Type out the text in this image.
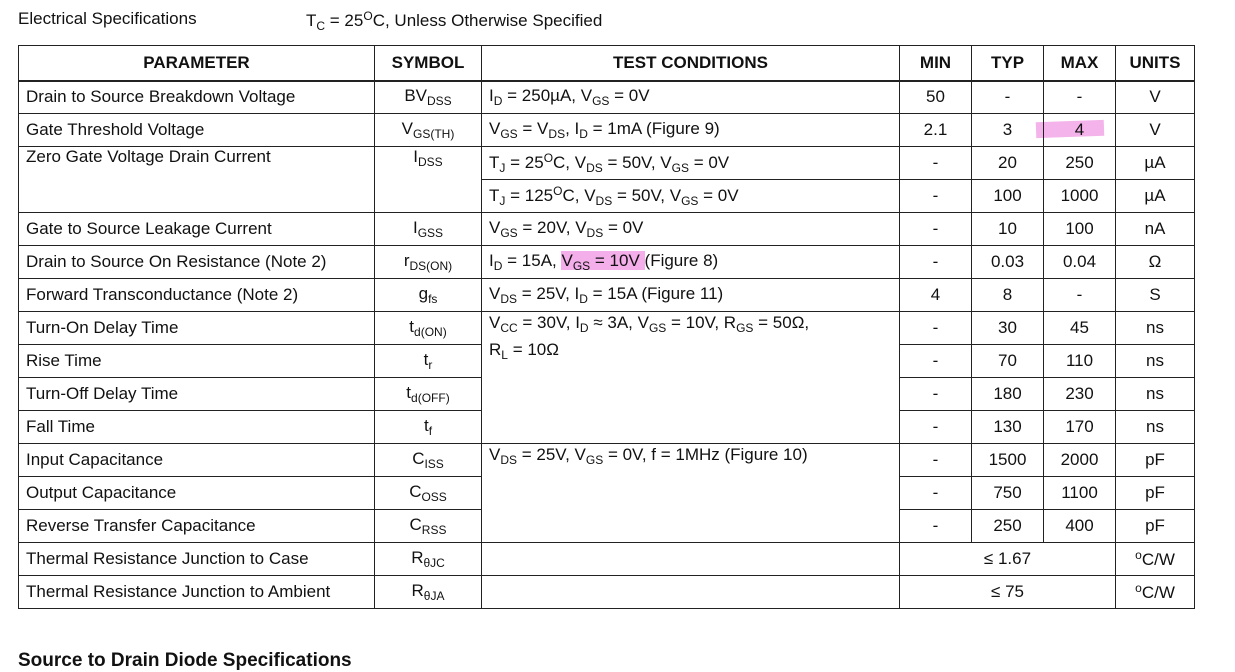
Electrical Specifications	$T_C = 25^OC$, Unless Otherwise Specified
PARAMETER	SYMBOL	TEST CONDITIONS	MIN	TYP	MAX	UNITS
Drain to Source Breakdown Voltage	$BV_{DSS}$	$I_D = 250\mu A$, $V_{GS} = 0V$	50	-	-	V
Gate Threshold Voltage	$V_{GS(TH)}$	$V_{GS} = V_{DS}$, $I_D = 1mA$ (Figure 9)	2.1	3	4	V
Zero Gate Voltage Drain Current	$I_{DSS}$	$T_J = 25^OC$, $V_{DS} = 50V$, $V_{GS} = 0V$	-	20	250	µA
		$T_J = 125^OC$, $V_{DS} = 50V$, $V_{GS} = 0V$	-	100	1000	µA
Gate to Source Leakage Current	$I_{GSS}$	$V_{GS} = 20V$, $V_{DS} = 0V$	-	10	100	nA
Drain to Source On Resistance (Note 2)	$r_{DS(ON)}$	$I_D = 15A$, $V_{GS} = 10V$ (Figure 8)	-	0.03	0.04	Ω
Forward Transconductance (Note 2)	$g_{fs}$	$V_{DS} = 25V$, $I_D = 15A$ (Figure 11)	4	8	-	S
Turn-On Delay Time	$t_{d(ON)}$	$V_{CC} = 30V$, $I_D \approx 3A$, $V_{GS} = 10V$, $R_{GS} = 50\Omega$,
$R_L = 10\Omega$	-	30	45	ns
Rise Time	$t_r$		-	70	110	ns
Turn-Off Delay Time	$t_{d(OFF)}$		-	180	230	ns
Fall Time	$t_f$		-	130	170	ns
Input Capacitance	$C_{ISS}$	$V_{DS} = 25V$, $V_{GS} = 0V$, f = 1MHz (Figure 10)	-	1500	2000	pF
Output Capacitance	$C_{OSS}$		-	750	1100	pF
Reverse Transfer Capacitance	$C_{RSS}$		-	250	400	pF
Thermal Resistance Junction to Case	$R_{\theta JC}$		≤ 1.67			$^o$C/W
Thermal Resistance Junction to Ambient	$R_{\theta JA}$		≤ 75			$^o$C/W
Source to Drain Diode Specifications
